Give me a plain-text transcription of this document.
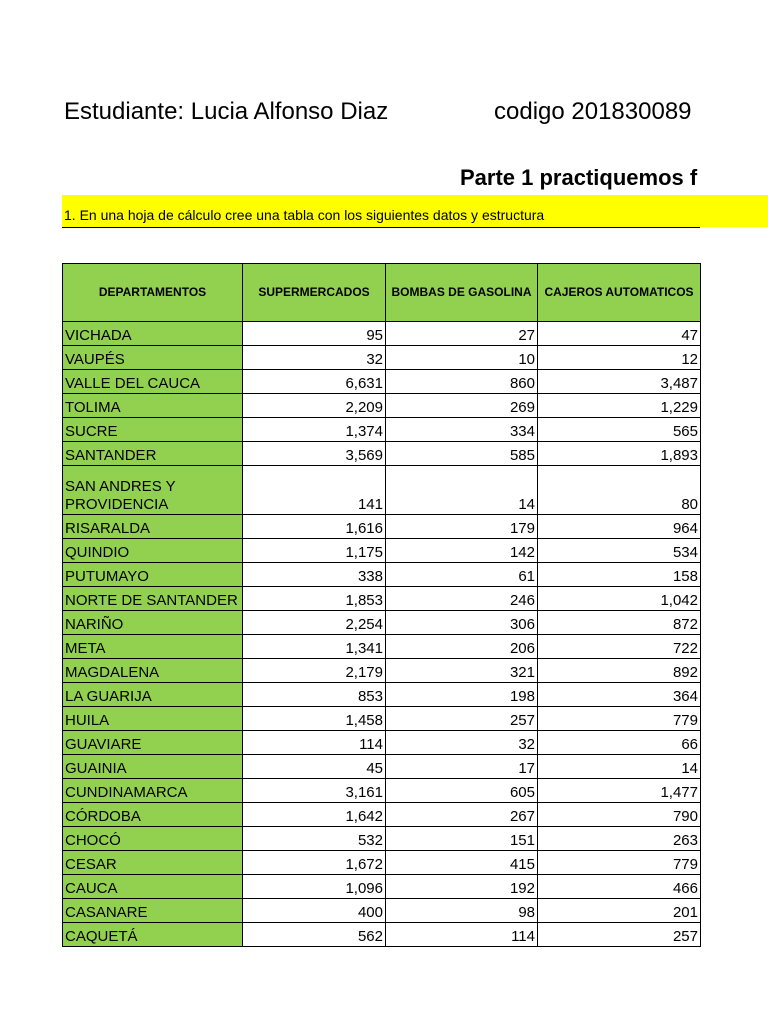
Estudiante: Lucia Alfonso Diaz	codigo 201830089
Parte 1 practiquemos f
1. En una hoja de cálculo cree una tabla con los siguientes datos y estructura
DEPARTAMENTOS	SUPERMERCADOS	BOMBAS DE GASOLINA	CAJEROS AUTOMATICOS
VICHADA	95	27	47
VAUPÉS	32	10	12
VALLE DEL CAUCA	6,631	860	3,487
TOLIMA	2,209	269	1,229
SUCRE	1,374	334	565
SANTANDER	3,569	585	1,893
SAN ANDRES Y PROVIDENCIA	141	14	80
RISARALDA	1,616	179	964
QUINDIO	1,175	142	534
PUTUMAYO	338	61	158
NORTE DE SANTANDER	1,853	246	1,042
NARIÑO	2,254	306	872
META	1,341	206	722
MAGDALENA	2,179	321	892
LA GUARIJA	853	198	364
HUILA	1,458	257	779
GUAVIARE	114	32	66
GUAINIA	45	17	14
CUNDINAMARCA	3,161	605	1,477
CÓRDOBA	1,642	267	790
CHOCÓ	532	151	263
CESAR	1,672	415	779
CAUCA	1,096	192	466
CASANARE	400	98	201
CAQUETÁ	562	114	257
